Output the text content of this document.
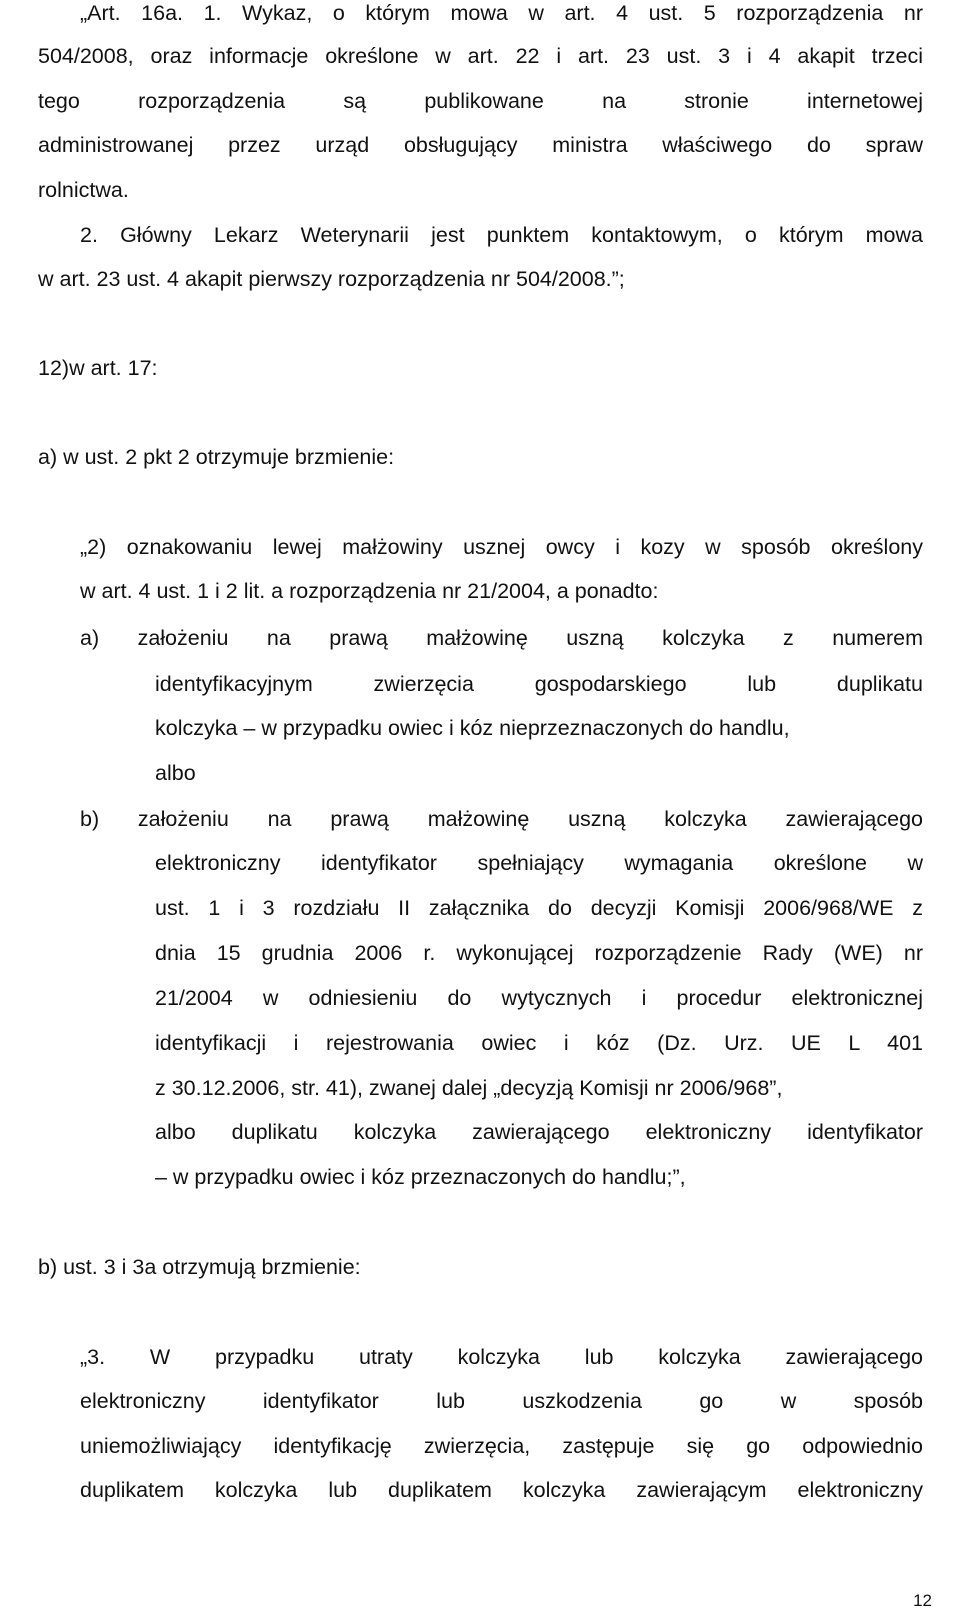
„Art. 16a. 1. Wykaz, o którym mowa w art. 4 ust. 5 rozporządzenia nr
504/2008, oraz informacje określone w art. 22 i art. 23 ust. 3 i 4 akapit trzeci
tego rozporządzenia są publikowane na stronie internetowej
administrowanej przez urząd obsługujący ministra właściwego do spraw
rolnictwa.
2. Główny Lekarz Weterynarii jest punktem kontaktowym, o którym mowa
w art. 23 ust. 4 akapit pierwszy rozporządzenia nr 504/2008.”;
12)w art. 17:
a) w ust. 2 pkt 2 otrzymuje brzmienie:
„2) oznakowaniu lewej małżowiny usznej owcy i kozy w sposób określony
w art. 4 ust. 1 i 2 lit. a rozporządzenia nr 21/2004, a ponadto:
a) założeniu na prawą małżowinę uszną kolczyka z numerem
identyfikacyjnym zwierzęcia gospodarskiego lub duplikatu
kolczyka – w przypadku owiec i kóz nieprzeznaczonych do handlu,
albo
b) założeniu na prawą małżowinę uszną kolczyka zawierającego
elektroniczny identyfikator spełniający wymagania określone w
ust. 1 i 3 rozdziału II załącznika do decyzji Komisji 2006/968/WE z
dnia 15 grudnia 2006 r. wykonującej rozporządzenie Rady (WE) nr
21/2004 w odniesieniu do wytycznych i procedur elektronicznej
identyfikacji i rejestrowania owiec i kóz (Dz. Urz. UE L 401
z 30.12.2006, str. 41), zwanej dalej „decyzją Komisji nr 2006/968”,
albo duplikatu kolczyka zawierającego elektroniczny identyfikator
– w przypadku owiec i kóz przeznaczonych do handlu;”,
b) ust. 3 i 3a otrzymują brzmienie:
„3. W przypadku utraty kolczyka lub kolczyka zawierającego
elektroniczny identyfikator lub uszkodzenia go w sposób
uniemożliwiający identyfikację zwierzęcia, zastępuje się go odpowiednio
duplikatem kolczyka lub duplikatem kolczyka zawierającym elektroniczny
12
